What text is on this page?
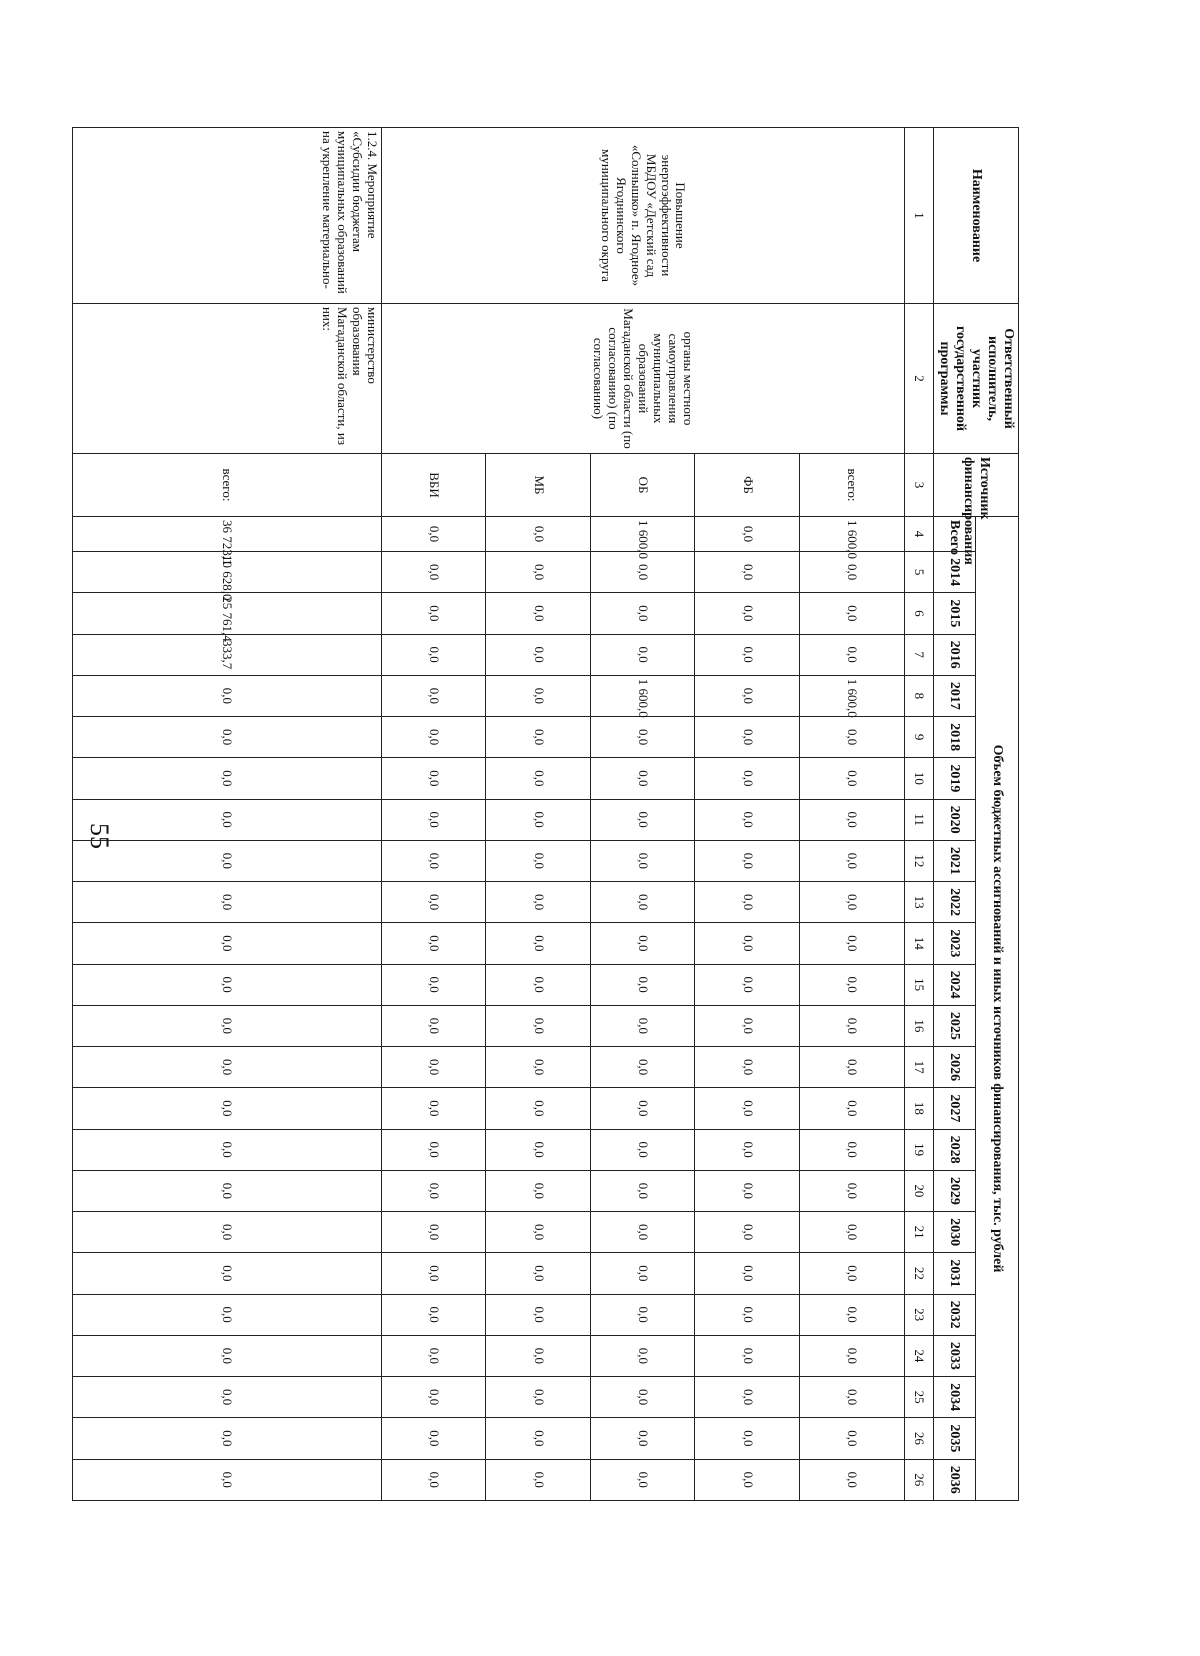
55
Наименование	Ответственный исполнитель, участник государственной программы	Источник финансирования	Объем бюджетных ассигнований и иных источников финансирования, тыс. рублей																							
			Всего	2014	2015	2016	2017	2018	2019	2020	2021	2022	2023	2024	2025	2026	2027	2028	2029	2030	2031	2032	2033	2034	2035	2036
1	2	3	4	5	6	7	8	9	10	11	12	13	14	15	16	17	18	19	20	21	22	23	24	25	26	26
Повышение энергоэффективности МБДОУ «Детский сад «Солнышко» п. Ягодное» Ягоднинского муниципального округа	органы местного самоуправления муниципальных образований Магаданской области (по согласованию) (по согласованию)	всего:	1 600,0	0,0	0,0	0,0	1 600,0	0,0	0,0	0,0	0,0	0,0	0,0	0,0	0,0	0,0	0,0	0,0	0,0	0,0	0,0	0,0	0,0	0,0	0,0	0,0
		ФБ	0,0	0,0	0,0	0,0	0,0	0,0	0,0	0,0	0,0	0,0	0,0	0,0	0,0	0,0	0,0	0,0	0,0	0,0	0,0	0,0	0,0	0,0	0,0	0,0
		ОБ	1 600,0	0,0	0,0	0,0	1 600,0	0,0	0,0	0,0	0,0	0,0	0,0	0,0	0,0	0,0	0,0	0,0	0,0	0,0	0,0	0,0	0,0	0,0	0,0	0,0
		МБ	0,0	0,0	0,0	0,0	0,0	0,0	0,0	0,0	0,0	0,0	0,0	0,0	0,0	0,0	0,0	0,0	0,0	0,0	0,0	0,0	0,0	0,0	0,0	0,0
		ВБИ	0,0	0,0	0,0	0,0	0,0	0,0	0,0	0,0	0,0	0,0	0,0	0,0	0,0	0,0	0,0	0,0	0,0	0,0	0,0	0,0	0,0	0,0	0,0	0,0
1.2.4. Мероприятие «Субсидии бюджетам муниципальных образований на укрепление материально-	министерство образования Магаданской области, из них:	всего:	36 723,1	10 628,0	25 761,4	333,7	0,0	0,0	0,0	0,0	0,0	0,0	0,0	0,0	0,0	0,0	0,0	0,0	0,0	0,0	0,0	0,0	0,0	0,0	0,0	0,0
